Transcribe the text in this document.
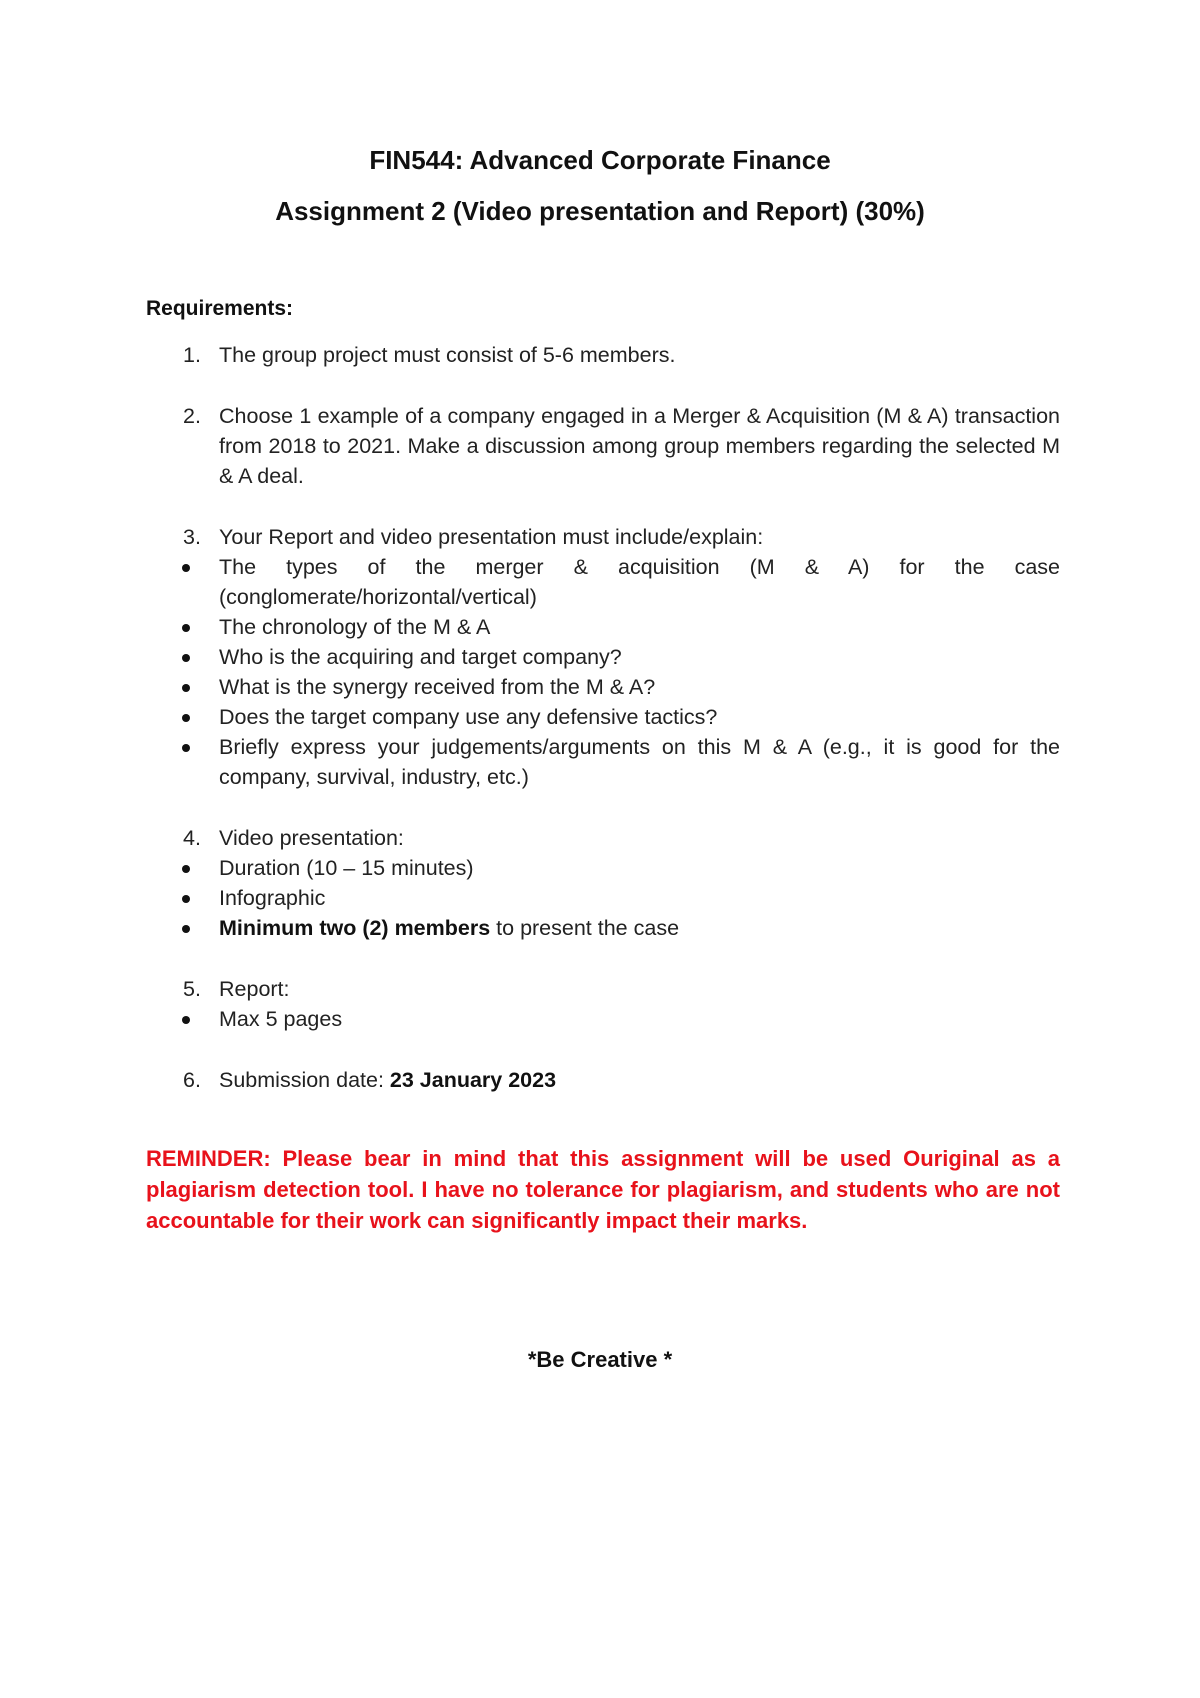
FIN544: Advanced Corporate Finance
Assignment 2 (Video presentation and Report) (30%)
Requirements:
1. The group project must consist of 5-6 members.
2. Choose 1 example of a company engaged in a Merger & Acquisition (M & A) transaction from 2018 to 2021. Make a discussion among group members regarding the selected M & A deal.
3. Your Report and video presentation must include/explain:
The types of the merger & acquisition (M & A) for the case (conglomerate/horizontal/vertical)
The chronology of the M & A
Who is the acquiring and target company?
What is the synergy received from the M & A?
Does the target company use any defensive tactics?
Briefly express your judgements/arguments on this M & A (e.g., it is good for the company, survival, industry, etc.)
4. Video presentation:
Duration (10 – 15 minutes)
Infographic
Minimum two (2) members to present the case
5. Report:
Max 5 pages
6. Submission date: 23 January 2023
REMINDER: Please bear in mind that this assignment will be used Ouriginal as a plagiarism detection tool. I have no tolerance for plagiarism, and students who are not accountable for their work can significantly impact their marks.
*Be Creative *
